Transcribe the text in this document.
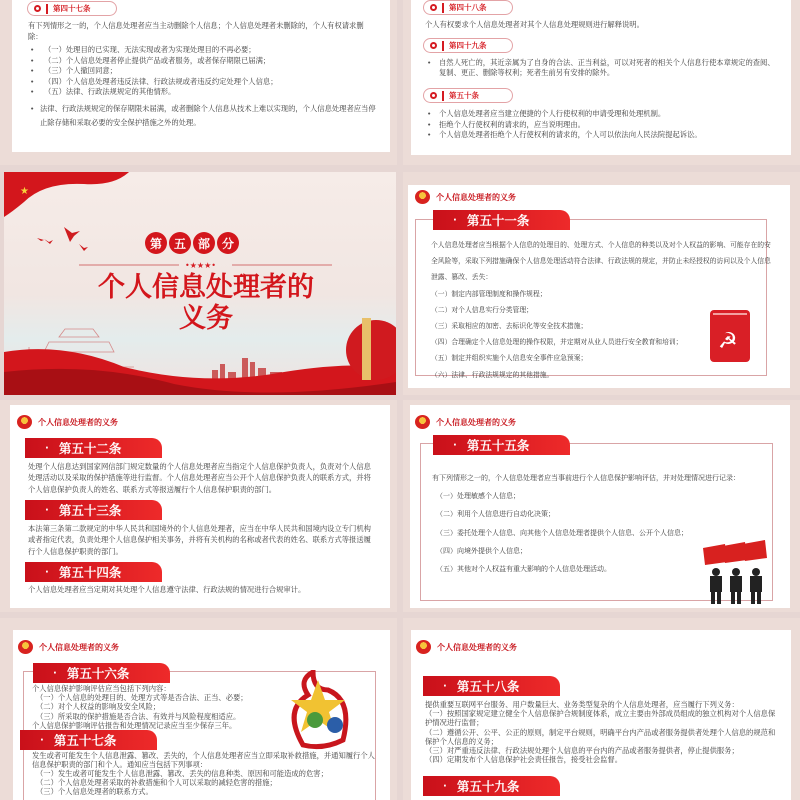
第四十七条
有下列情形之一的，个人信息处理者应当主动删除个人信息；个人信息处理者未删除的，个人有权请求删除：
• （一）处理目的已实现、无法实现或者为实现处理目的不再必要；
• （二）个人信息处理者停止提供产品或者服务，或者保存期限已届满；
• （三）个人撤回同意；
• （四）个人信息处理者违反法律、行政法规或者违反约定处理个人信息；
• （五）法律、行政法规规定的其他情形。
• 法律、行政法规规定的保存期限未届满，或者删除个人信息从技术上难以实现的，个人信息处理者应当停止除存储和采取必要的安全保护措施之外的处理。
第四十八条
个人有权要求个人信息处理者对其个人信息处理规则进行解释说明。
第四十九条
• 自然人死亡的，其近亲属为了自身的合法、正当利益，可以对死者的相关个人信息行使本章规定的查阅、复制、更正、删除等权利；死者生前另有安排的除外。
第五十条
• 个人信息处理者应当建立便捷的个人行使权利的申请受理和处理机制。
• 拒绝个人行使权利的请求的，应当说明理由。
• 个人信息处理者拒绝个人行使权利的请求的，个人可以依法向人民法院提起诉讼。
★
•★★★•
第 五 部 分
个人信息处理者的
义务
个人信息处理者的义务
· 第五十一条
个人信息处理者应当根据个人信息的处理目的、处理方式、个人信息的种类以及对个人权益的影响、可能存在的安全风险等，采取下列措施确保个人信息处理活动符合法律、行政法规的规定，并防止未经授权的访问以及个人信息泄露、篡改、丢失：
（一）制定内部管理制度和操作规程；
（二）对个人信息实行分类管理；
（三）采取相应的加密、去标识化等安全技术措施；
（四）合理确定个人信息处理的操作权限，并定期对从业人员进行安全教育和培训；
（五）制定并组织实施个人信息安全事件应急预案；
（六）法律、行政法规规定的其他措施。
☭
个人信息处理者的义务
· 第五十二条
处理个人信息达到国家网信部门规定数量的个人信息处理者应当指定个人信息保护负责人，负责对个人信息处理活动以及采取的保护措施等进行监督。个人信息处理者应当公开个人信息保护负责人的联系方式，并将个人信息保护负责人的姓名、联系方式等报送履行个人信息保护职责的部门。
· 第五十三条
本法第三条第二款规定的中华人民共和国境外的个人信息处理者，应当在中华人民共和国境内设立专门机构或者指定代表，负责处理个人信息保护相关事务，并将有关机构的名称或者代表的姓名、联系方式等报送履行个人信息保护职责的部门。
· 第五十四条
个人信息处理者应当定期对其处理个人信息遵守法律、行政法规的情况进行合规审计。
个人信息处理者的义务
· 第五十五条
有下列情形之一的，个人信息处理者应当事前进行个人信息保护影响评估，并对处理情况进行记录：
（一）处理敏感个人信息；
（二）利用个人信息进行自动化决策；
（三）委托处理个人信息、向其他个人信息处理者提供个人信息、公开个人信息；
（四）向境外提供个人信息；
（五）其他对个人权益有重大影响的个人信息处理活动。
个人信息处理者的义务
· 第五十六条
个人信息保护影响评估应当包括下列内容：
（一）个人信息的处理目的、处理方式等是否合法、正当、必要；
（二）对个人权益的影响及安全风险；
（三）所采取的保护措施是否合法、有效并与风险程度相适应。
个人信息保护影响评估报告和处理情况记录应当至少保存三年。
· 第五十七条
发生或者可能发生个人信息泄露、篡改、丢失的，个人信息处理者应当立即采取补救措施，并通知履行个人信息保护职责的部门和个人。通知应当包括下列事项：
（一）发生或者可能发生个人信息泄露、篡改、丢失的信息种类、原因和可能造成的危害；
（二）个人信息处理者采取的补救措施和个人可以采取的减轻危害的措施；
（三）个人信息处理者的联系方式。
个人信息处理者的义务
· 第五十八条
提供重要互联网平台服务、用户数量巨大、业务类型复杂的个人信息处理者，应当履行下列义务：
（一）按照国家规定建立健全个人信息保护合规制度体系，成立主要由外部成员组成的独立机构对个人信息保护情况进行监督；
（二）遵循公开、公平、公正的原则，制定平台规则，明确平台内产品或者服务提供者处理个人信息的规范和保护个人信息的义务；
（三）对严重违反法律、行政法规处理个人信息的平台内的产品或者服务提供者，停止提供服务；
（四）定期发布个人信息保护社会责任报告，接受社会监督。
· 第五十九条
